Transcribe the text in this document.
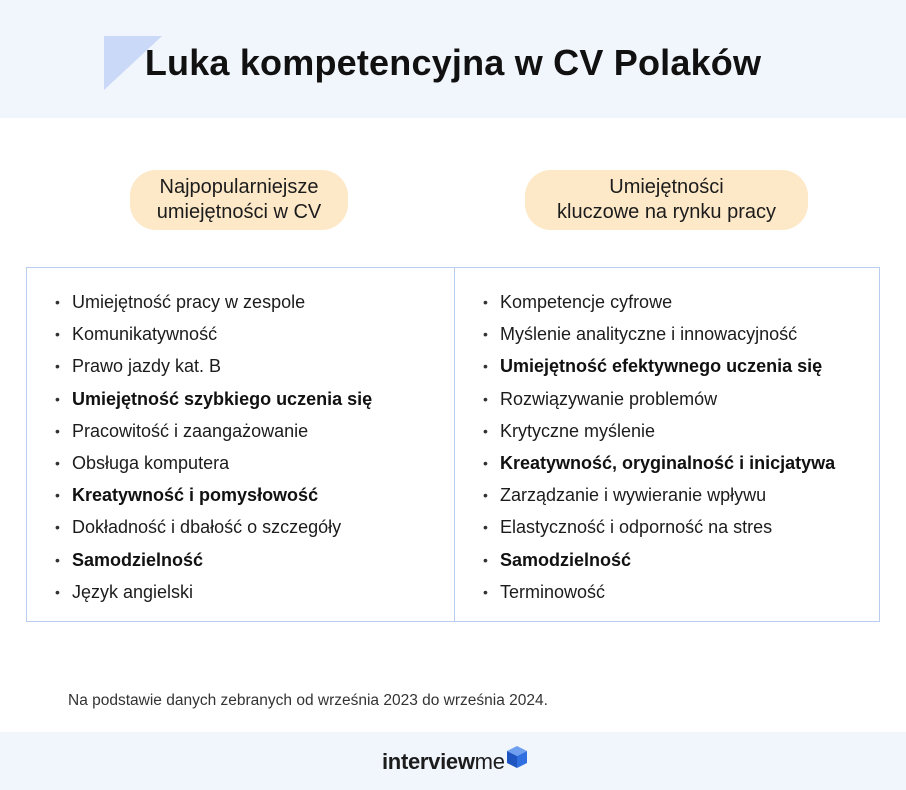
Luka kompetencyjna w CV Polaków
Najpopularniejsze
umiejętności w CV
Umiejętności
kluczowe na rynku pracy
• Umiejętność pracy w zespole
• Komunikatywność
• Prawo jazdy kat. B
• Umiejętność szybkiego uczenia się
• Pracowitość i zaangażowanie
• Obsługa komputera
• Kreatywność i pomysłowość
• Dokładność i dbałość o szczegóły
• Samodzielność
• Język angielski
• Kompetencje cyfrowe
• Myślenie analityczne i innowacyjność
• Umiejętność efektywnego uczenia się
• Rozwiązywanie problemów
• Krytyczne myślenie
• Kreatywność, oryginalność i inicjatywa
• Zarządzanie i wywieranie wpływu
• Elastyczność i odporność na stres
• Samodzielność
• Terminowość
Na podstawie danych zebranych od września 2023 do września 2024.
interviewme
